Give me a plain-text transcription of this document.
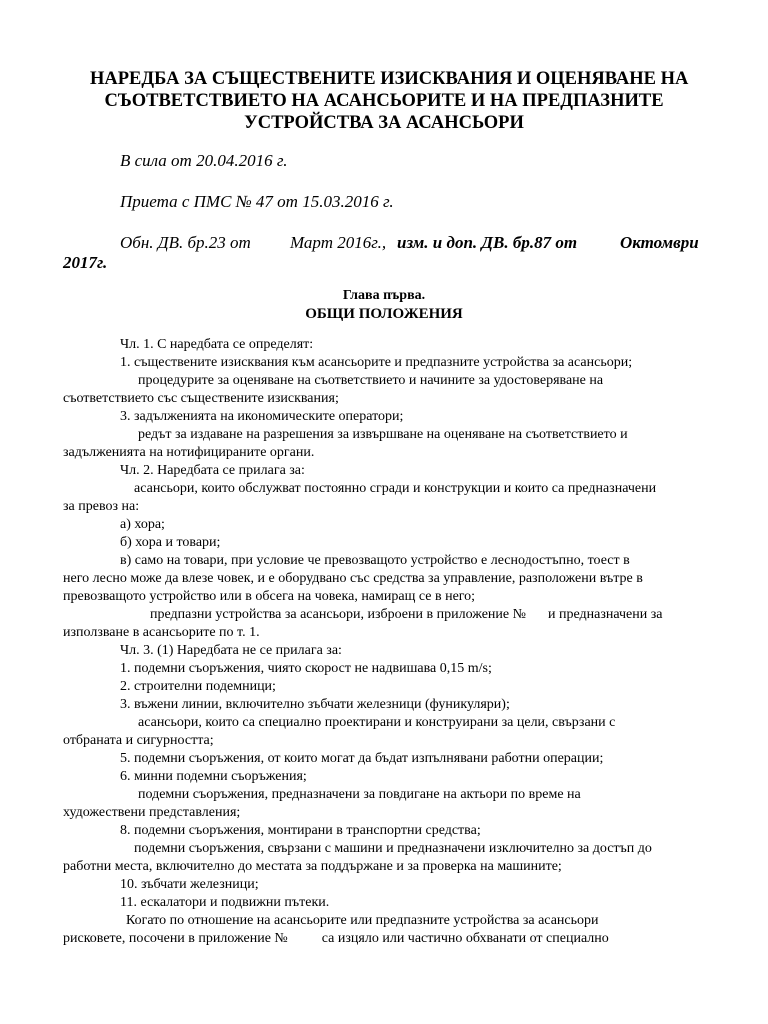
НАРЕДБА ЗА СЪЩЕСТВЕНИТЕ ИЗИСКВАНИЯ И ОЦЕНЯВАНЕ НА
СЪОТВЕТСТВИЕТО НА АСАНСЬОРИТЕ И НА ПРЕДПАЗНИТЕ
УСТРОЙСТВА ЗА АСАНСЬОРИ
В сила от 20.04.2016 г.
Приета с ПМС № 47 от 15.03.2016 г.
Обн. ДВ. бр.23 от Март 2016г., изм. и доп. ДВ. бр.87 от	Октомври
2017г.
Глава първа.
ОБЩИ ПОЛОЖЕНИЯ

Чл. 1. С наредбата се определят:

1. съществените изисквания към асансьорите и предпазните устройства за асансьори;

процедурите за оценяване на съответствието и начините за удостоверяване на

съответствието със съществените изисквания;

3. задълженията на икономическите оператори;

редът за издаване на разрешения за извършване на оценяване на съответствието и

задълженията на нотифицираните органи.

Чл. 2. Наредбата се прилага за:

асансьори, които обслужват постоянно сгради и конструкции и които са предназначени

за превоз на:

а) хора;

б) хора и товари;

в) само на товари, при условие че превозващото устройство е леснодостъпно, тоест в

него лесно може да влезе човек, и е оборудвано със средства за управление, разположени вътре в

превозващото устройство или в обсега на човека, намиращ се в него;

предпазни устройства за асансьори, изброени в приложение № и предназначени за

използване в асансьорите по т. 1.

Чл. 3. (1) Наредбата не се прилага за:

1. подемни съоръжения, чиято скорост не надвишава 0,15 m/s;

2. строителни подемници;

3. въжени линии, включително зъбчати железници (фуникуляри);

асансьори, които са специално проектирани и конструирани за цели, свързани с

отбраната и сигурността;

5. подемни съоръжения, от които могат да бъдат изпълнявани работни операции;

6. минни подемни съоръжения;

подемни съоръжения, предназначени за повдигане на актьори по време на

художествени представления;

8. подемни съоръжения, монтирани в транспортни средства;

подемни съоръжения, свързани с машини и предназначени изключително за достъп до

работни места, включително до местата за поддържане и за проверка на машините;

10. зъбчати железници;

11. ескалатори и подвижни пътеки.

Когато по отношение на асансьорите или предпазните устройства за асансьори

рисковете, посочени в приложение № са изцяло или частично обхванати от специално
